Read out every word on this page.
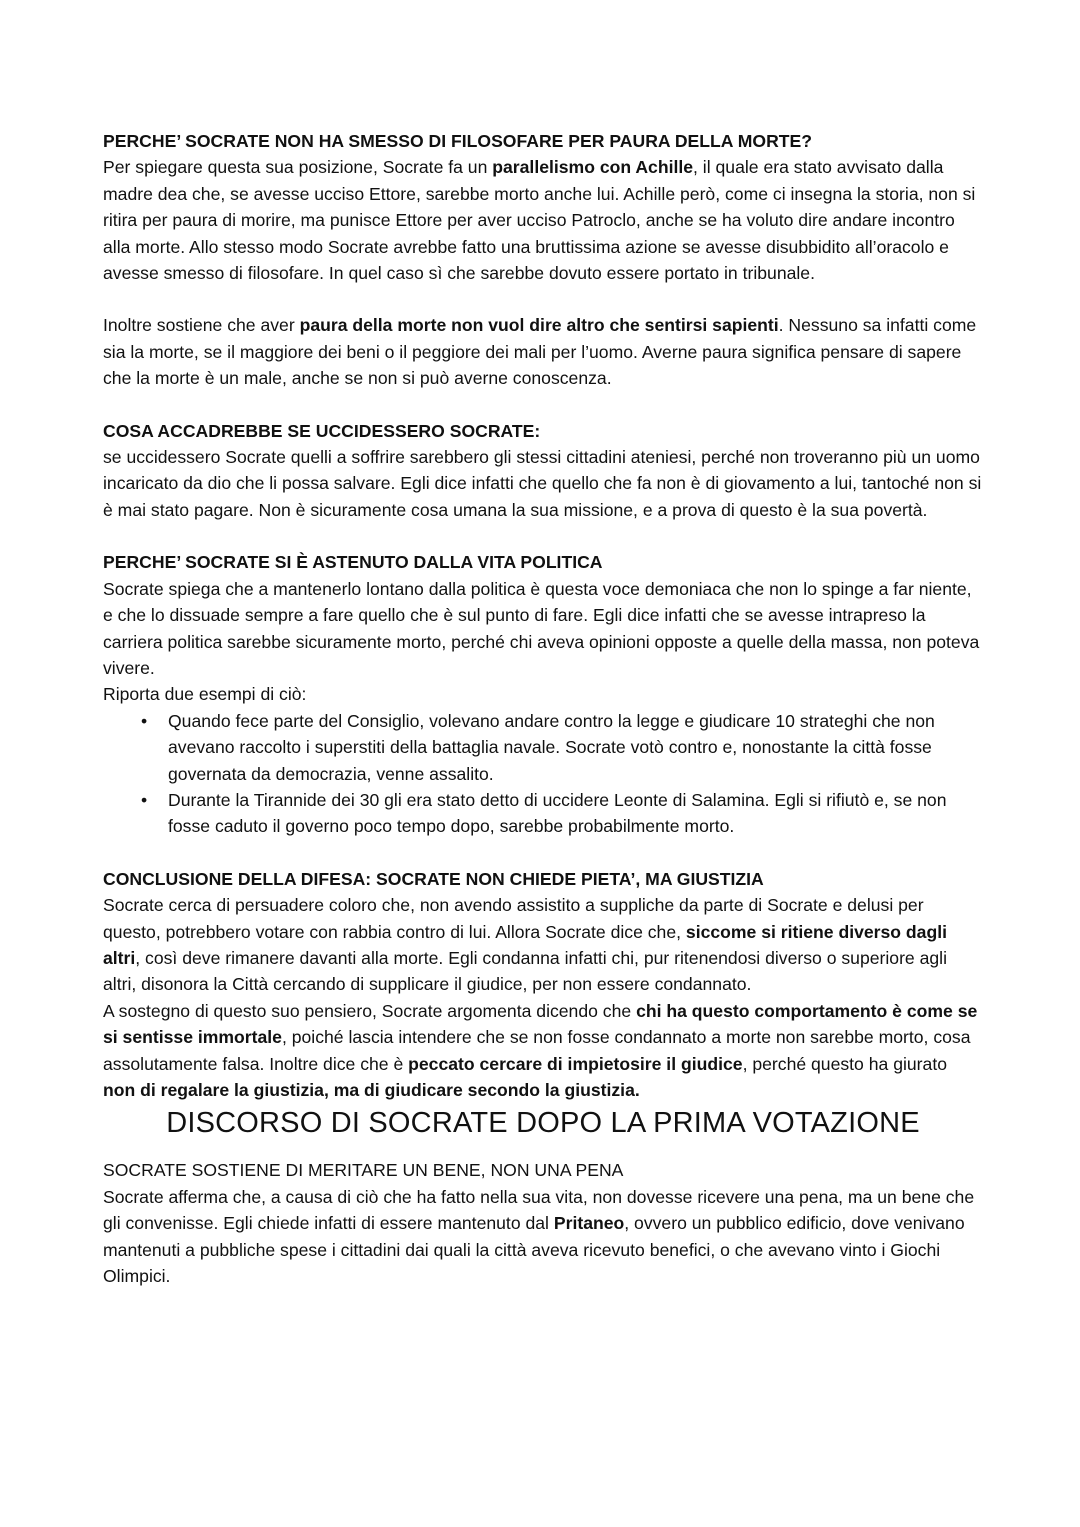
PERCHE’ SOCRATE NON HA SMESSO DI FILOSOFARE PER PAURA DELLA MORTE?

Per spiegare questa sua posizione, Socrate fa un parallelismo con Achille, il quale era stato avvisato dalla madre dea che, se avesse ucciso Ettore, sarebbe morto anche lui. Achille però, come ci insegna la storia, non si ritira per paura di morire, ma punisce Ettore per aver ucciso Patroclo, anche se ha voluto dire andare incontro alla morte. Allo stesso modo Socrate avrebbe fatto una bruttissima azione se avesse disubbidito all’oracolo e avesse smesso di filosofare. In quel caso sì che sarebbe dovuto essere portato in tribunale.

Inoltre sostiene che aver paura della morte non vuol dire altro che sentirsi sapienti. Nessuno sa infatti come sia la morte, se il maggiore dei beni o il peggiore dei mali per l’uomo. Averne paura significa pensare di sapere che la morte è un male, anche se non si può averne conoscenza.

COSA ACCADREBBE SE UCCIDESSERO SOCRATE:

se uccidessero Socrate quelli a soffrire sarebbero gli stessi cittadini ateniesi, perché non troveranno più un uomo incaricato da dio che li possa salvare. Egli dice infatti che quello che fa non è di giovamento a lui, tantoché non si è mai stato pagare. Non è sicuramente cosa umana la sua missione, e a prova di questo è la sua povertà.

PERCHE’ SOCRATE SI È ASTENUTO DALLA VITA POLITICA

Socrate spiega che a mantenerlo lontano dalla politica è questa voce demoniaca che non lo spinge a far niente, e che lo dissuade sempre a fare quello che è sul punto di fare. Egli dice infatti che se avesse intrapreso la carriera politica sarebbe sicuramente morto, perché chi aveva opinioni opposte a quelle della massa, non poteva vivere.

Riporta due esempi di ciò:

• Quando fece parte del Consiglio, volevano andare contro la legge e giudicare 10 strateghi che non avevano raccolto i superstiti della battaglia navale. Socrate votò contro e, nonostante la città fosse governata da democrazia, venne assalito.
• Durante la Tirannide dei 30 gli era stato detto di uccidere Leonte di Salamina. Egli si rifiutò e, se non fosse caduto il governo poco tempo dopo, sarebbe probabilmente morto.

CONCLUSIONE DELLA DIFESA: SOCRATE NON CHIEDE PIETA’, MA GIUSTIZIA

Socrate cerca di persuadere coloro che, non avendo assistito a suppliche da parte di Socrate e delusi per questo, potrebbero votare con rabbia contro di lui. Allora Socrate dice che, siccome si ritiene diverso dagli altri, così deve rimanere davanti alla morte. Egli condanna infatti chi, pur ritenendosi diverso o superiore agli altri, disonora la Città cercando di supplicare il giudice, per non essere condannato.

A sostegno di questo suo pensiero, Socrate argomenta dicendo che chi ha questo comportamento è come se si sentisse immortale, poiché lascia intendere che se non fosse condannato a morte non sarebbe morto, cosa assolutamente falsa. Inoltre dice che è peccato cercare di impietosire il giudice, perché questo ha giurato non di regalare la giustizia, ma di giudicare secondo la giustizia.

DISCORSO DI SOCRATE DOPO LA PRIMA VOTAZIONE

SOCRATE SOSTIENE DI MERITARE UN BENE, NON UNA PENA

Socrate afferma che, a causa di ciò che ha fatto nella sua vita, non dovesse ricevere una pena, ma un bene che gli convenisse. Egli chiede infatti di essere mantenuto dal Pritaneo, ovvero un pubblico edificio, dove venivano mantenuti a pubbliche spese i cittadini dai quali la città aveva ricevuto benefici, o che avevano vinto i Giochi Olimpici.
